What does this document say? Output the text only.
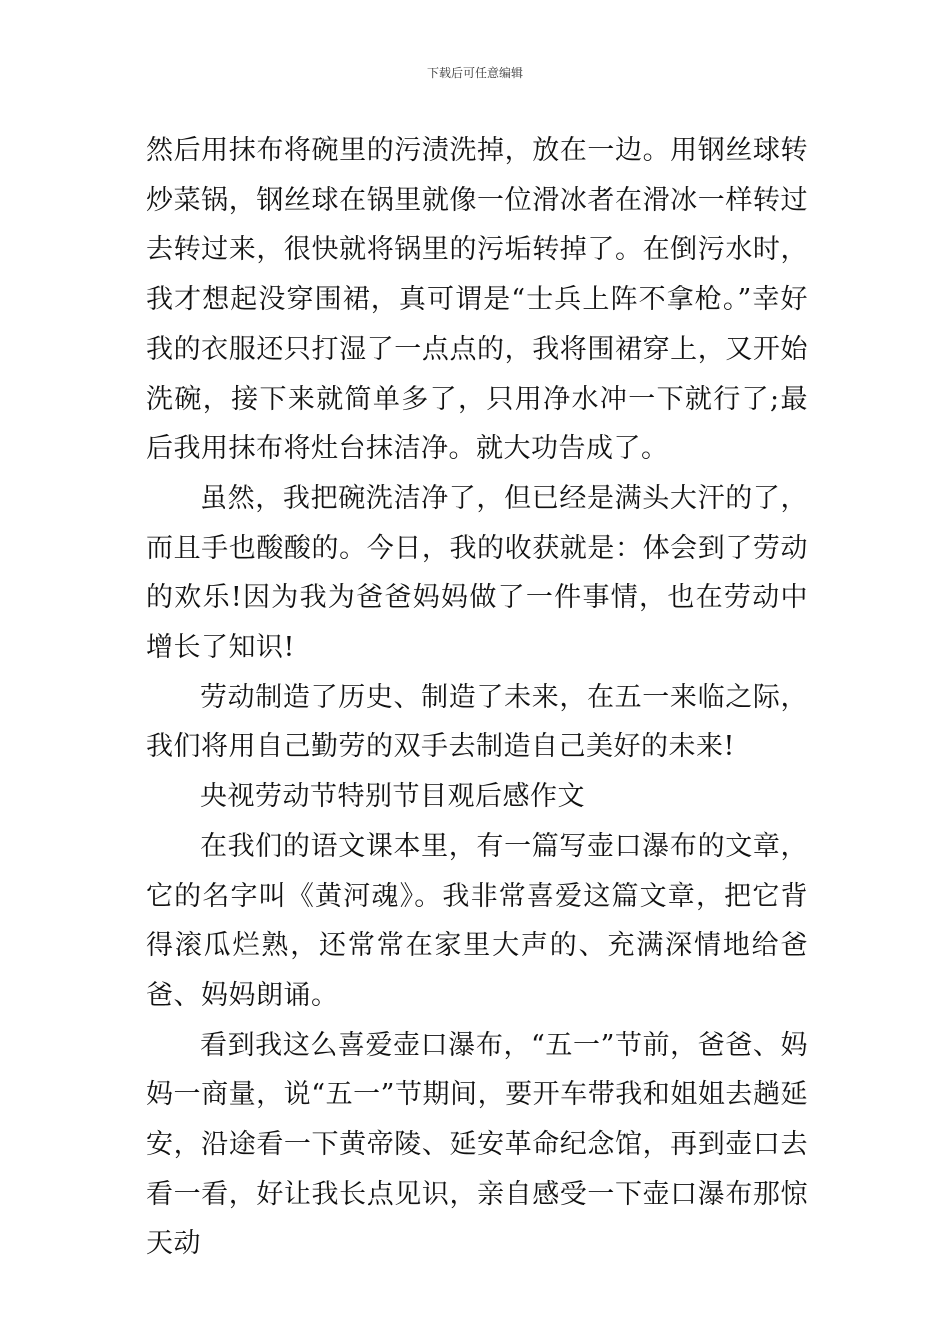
下载后可任意编辑

然后用抹布将碗里的污渍洗掉，放在一边。用钢丝球转炒菜锅，钢丝球在锅里就像一位滑冰者在滑冰一样转过去转过来，很快就将锅里的污垢转掉了。在倒污水时，我才想起没穿围裙，真可谓是“士兵上阵不拿枪。”幸好我的衣服还只打湿了一点点的，我将围裙穿上，又开始洗碗，接下来就简单多了，只用净水冲一下就行了;最后我用抹布将灶台抹洁净。就大功告成了。

虽然，我把碗洗洁净了，但已经是满头大汗的了，而且手也酸酸的。今日，我的收获就是：体会到了劳动的欢乐!因为我为爸爸妈妈做了一件事情，也在劳动中增长了知识!

劳动制造了历史、制造了未来，在五一来临之际，我们将用自己勤劳的双手去制造自己美好的未来!

央视劳动节特别节目观后感作文

在我们的语文课本里，有一篇写壶口瀑布的文章，它的名字叫《黄河魂》。我非常喜爱这篇文章，把它背得滚瓜烂熟，还常常在家里大声的、充满深情地给爸爸、妈妈朗诵。

看到我这么喜爱壶口瀑布，“五一”节前，爸爸、妈妈一商量，说“五一”节期间，要开车带我和姐姐去趟延安，沿途看一下黄帝陵、延安革命纪念馆，再到壶口去看一看，好让我长点见识，亲自感受一下壶口瀑布那惊天动
